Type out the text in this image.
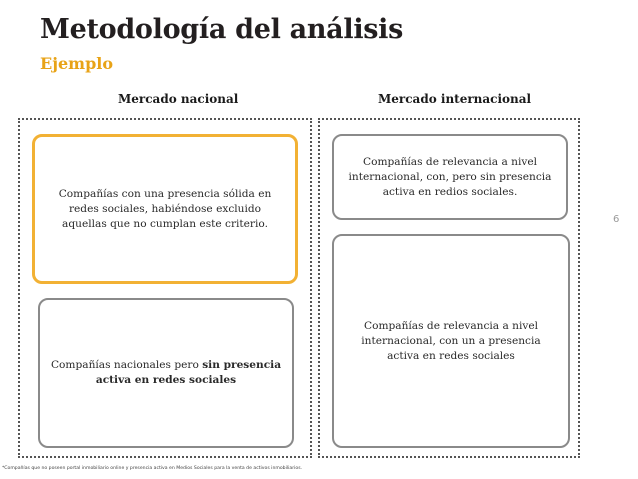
Metodología del análisis
Ejemplo
Mercado nacional	Mercado internacional
Compañías con una presencia sólida en redes sociales, habiéndose excluido aquellas que no cumplan este criterio.
Compañías nacionales pero sin presencia activa en redes sociales
Compañías de relevancia a nivel internacional, con, pero sin presencia activa en redios sociales.
Compañías de relevancia a nivel internacional, con un a presencia activa en redes sociales
6
*Compañías que no poseen portal inmobiliario online y presencia activa en Medios Sociales para la venta de activos inmobiliarios.
